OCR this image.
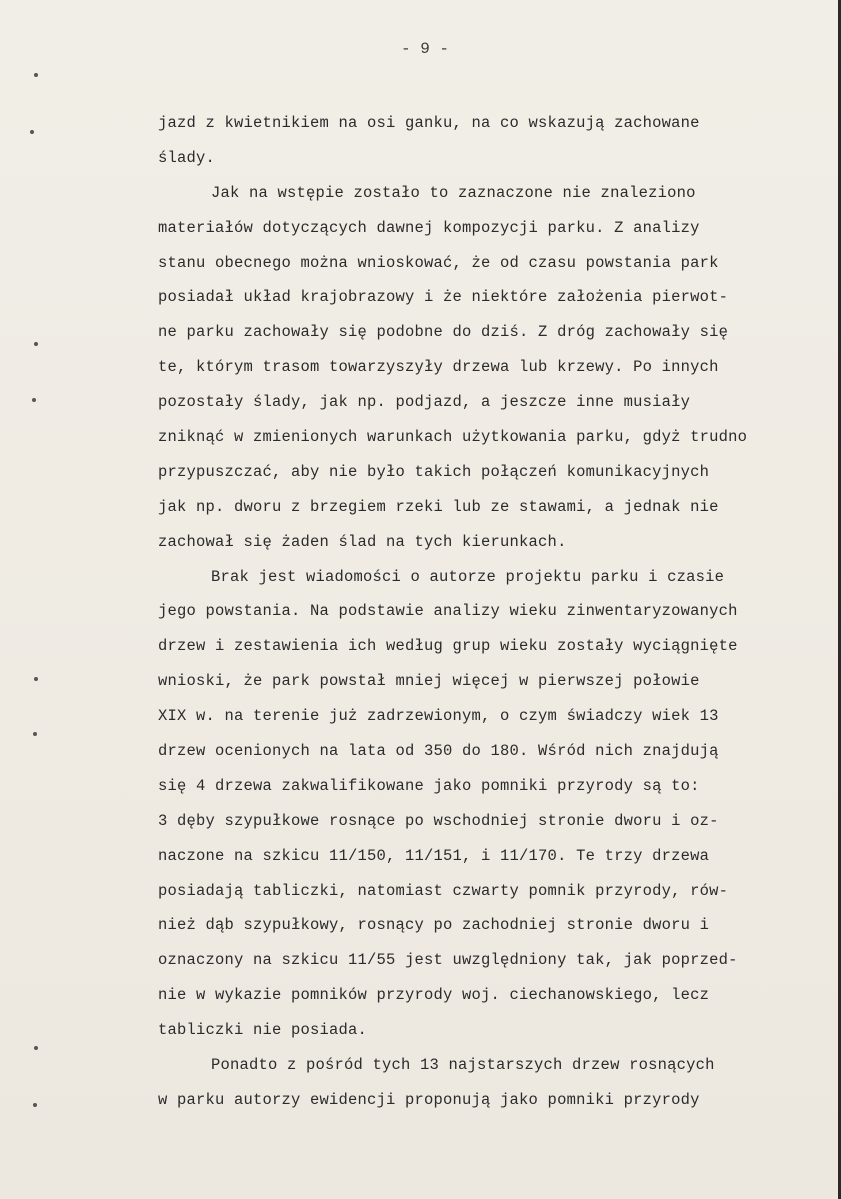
- 9 -
jazd z kwietnikiem na osi ganku, na co wskazują zachowane
ślady.
Jak na wstępie zostało to zaznaczone nie znaleziono
materiałów dotyczących dawnej kompozycji parku. Z analizy
stanu obecnego można wnioskować, że od czasu powstania park
posiadał układ krajobrazowy i że niektóre założenia pierwot-
ne parku zachowały się podobne do dziś. Z dróg zachowały się
te, którym trasom towarzyszyły drzewa lub krzewy. Po innych
pozostały ślady, jak np. podjazd, a jeszcze inne musiały
zniknąć w zmienionych warunkach użytkowania parku, gdyż trudno
przypuszczać, aby nie było takich połączeń komunikacyjnych
jak np. dworu z brzegiem rzeki lub ze stawami, a jednak nie
zachował się żaden ślad na tych kierunkach.
Brak jest wiadomości o autorze projektu parku i czasie
jego powstania. Na podstawie analizy wieku zinwentaryzowanych
drzew i zestawienia ich według grup wieku zostały wyciągnięte
wnioski, że park powstał mniej więcej w pierwszej połowie
XIX w. na terenie już zadrzewionym, o czym świadczy wiek 13
drzew ocenionych na lata od 350 do 180. Wśród nich znajdują
się 4 drzewa zakwalifikowane jako pomniki przyrody są to:
3 dęby szypułkowe rosnące po wschodniej stronie dworu i oz-
naczone na szkicu 11/150, 11/151, i 11/170. Te trzy drzewa
posiadają tabliczki, natomiast czwarty pomnik przyrody, rów-
nież dąb szypułkowy, rosnący po zachodniej stronie dworu i
oznaczony na szkicu 11/55 jest uwzględniony tak, jak poprzed-
nie w wykazie pomników przyrody woj. ciechanowskiego, lecz
tabliczki nie posiada.
Ponadto z pośród tych 13 najstarszych drzew rosnących
w parku autorzy ewidencji proponują jako pomniki przyrody
